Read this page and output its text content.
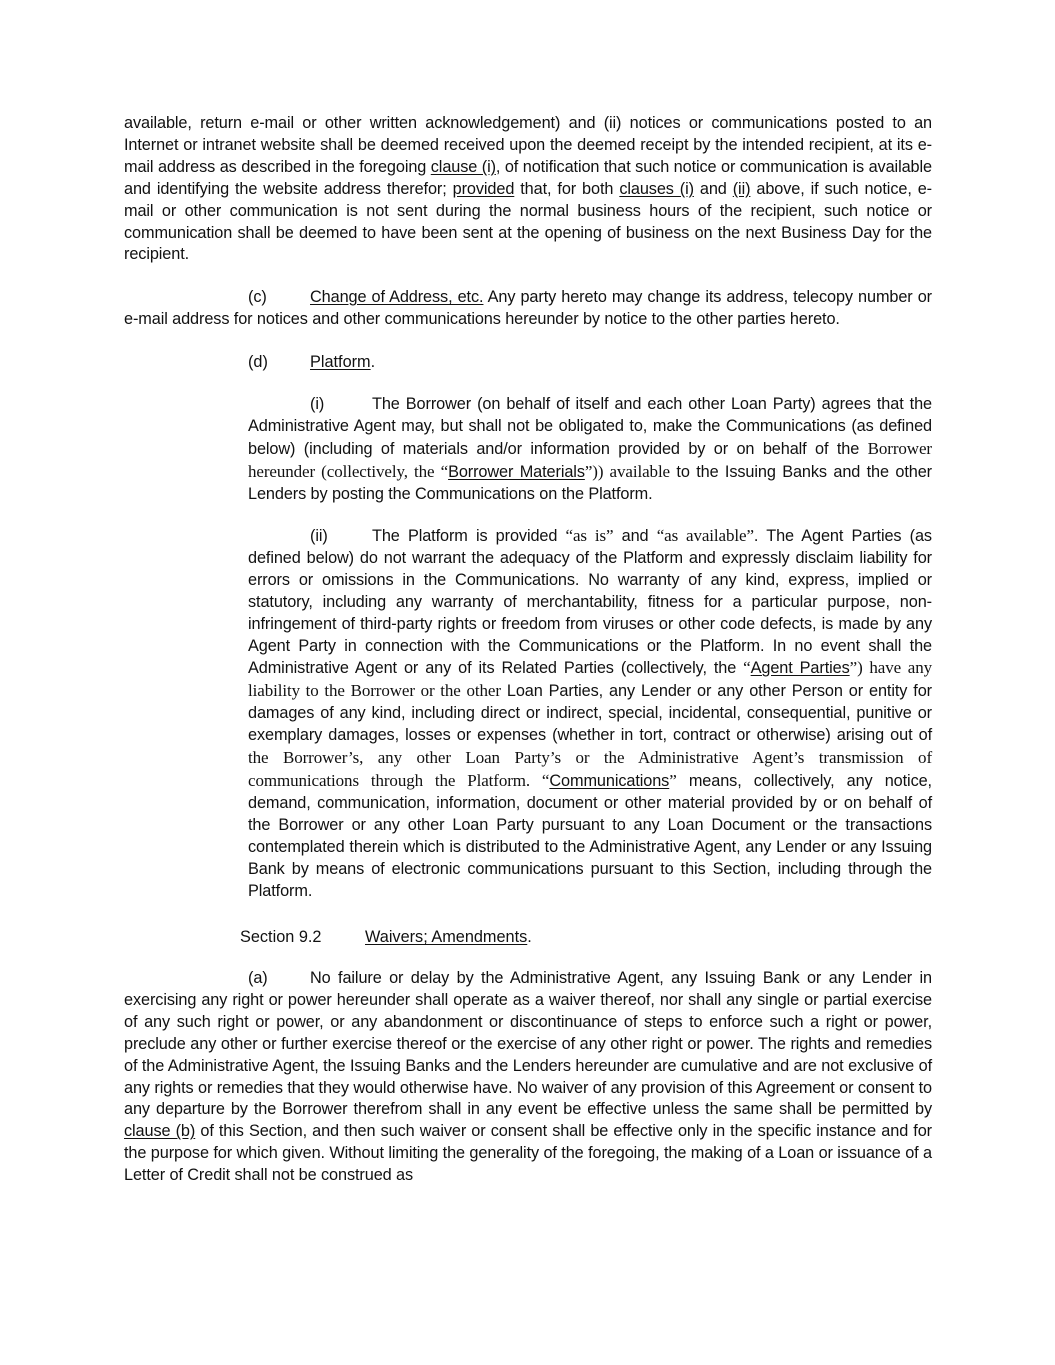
available, return e-mail or other written acknowledgement) and (ii) notices or communications posted to an Internet or intranet website shall be deemed received upon the deemed receipt by the intended recipient, at its e-mail address as described in the foregoing clause (i), of notification that such notice or communication is available and identifying the website address therefor; provided that, for both clauses (i) and (ii) above, if such notice, e-mail or other communication is not sent during the normal business hours of the recipient, such notice or communication shall be deemed to have been sent at the opening of business on the next Business Day for the recipient.

(c)	Change of Address, etc. Any party hereto may change its address, telecopy number or e-mail address for notices and other communications hereunder by notice to the other parties hereto.

(d)	Platform.

(i)	The Borrower (on behalf of itself and each other Loan Party) agrees that the Administrative Agent may, but shall not be obligated to, make the Communications (as defined below) (including of materials and/or information provided by or on behalf of the Borrower hereunder (collectively, the “Borrower Materials”)) available to the Issuing Banks and the other Lenders by posting the Communications on the Platform.

(ii)	The Platform is provided “as is” and “as available”. The Agent Parties (as defined below) do not warrant the adequacy of the Platform and expressly disclaim liability for errors or omissions in the Communications. No warranty of any kind, express, implied or statutory, including any warranty of merchantability, fitness for a particular purpose, non-infringement of third-party rights or freedom from viruses or other code defects, is made by any Agent Party in connection with the Communications or the Platform. In no event shall the Administrative Agent or any of its Related Parties (collectively, the “Agent Parties”) have any liability to the Borrower or the other Loan Parties, any Lender or any other Person or entity for damages of any kind, including direct or indirect, special, incidental, consequential, punitive or exemplary damages, losses or expenses (whether in tort, contract or otherwise) arising out of the Borrower’s, any other Loan Party’s or the Administrative Agent’s transmission of communications through the Platform. “Communications” means, collectively, any notice, demand, communication, information, document or other material provided by or on behalf of the Borrower or any other Loan Party pursuant to any Loan Document or the transactions contemplated therein which is distributed to the Administrative Agent, any Lender or any Issuing Bank by means of electronic communications pursuant to this Section, including through the Platform.

Section 9.2	Waivers; Amendments.

(a)	No failure or delay by the Administrative Agent, any Issuing Bank or any Lender in exercising any right or power hereunder shall operate as a waiver thereof, nor shall any single or partial exercise of any such right or power, or any abandonment or discontinuance of steps to enforce such a right or power, preclude any other or further exercise thereof or the exercise of any other right or power. The rights and remedies of the Administrative Agent, the Issuing Banks and the Lenders hereunder are cumulative and are not exclusive of any rights or remedies that they would otherwise have. No waiver of any provision of this Agreement or consent to any departure by the Borrower therefrom shall in any event be effective unless the same shall be permitted by clause (b) of this Section, and then such waiver or consent shall be effective only in the specific instance and for the purpose for which given. Without limiting the generality of the foregoing, the making of a Loan or issuance of a Letter of Credit shall not be construed as
